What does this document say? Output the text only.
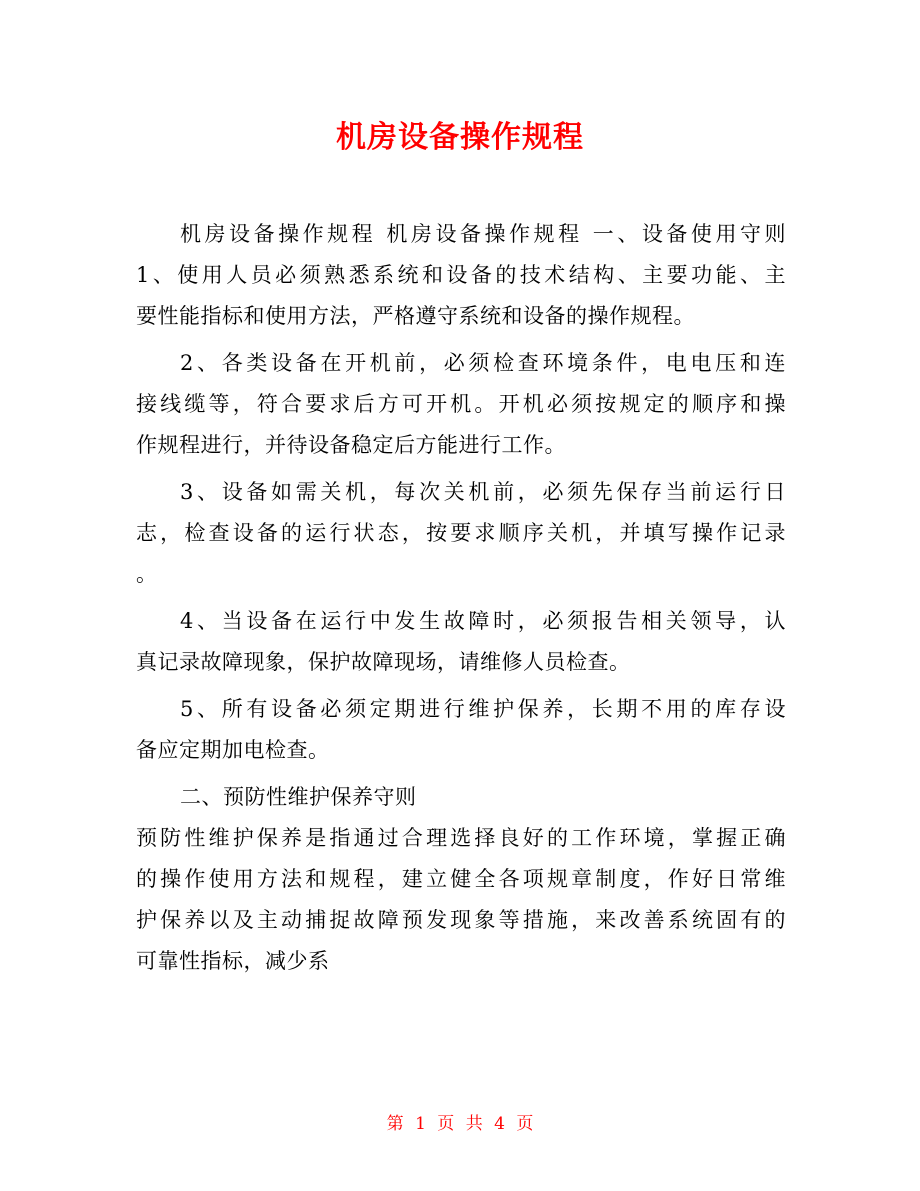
机房设备操作规程
机房设备操作规程 机房设备操作规程 一、设备使用守则
1、使用人员必须熟悉系统和设备的技术结构、主要功能、主
要性能指标和使用方法，严格遵守系统和设备的操作规程。
2、各类设备在开机前，必须检查环境条件，电电压和连
接线缆等，符合要求后方可开机。开机必须按规定的顺序和操
作规程进行，并待设备稳定后方能进行工作。
3、设备如需关机，每次关机前，必须先保存当前运行日
志，检查设备的运行状态，按要求顺序关机，并填写操作记录
。
4、当设备在运行中发生故障时，必须报告相关领导，认
真记录故障现象，保护故障现场，请维修人员检查。
5、所有设备必须定期进行维护保养，长期不用的库存设
备应定期加电检查。
二、预防性维护保养守则
预防性维护保养是指通过合理选择良好的工作环境，掌握正确
的操作使用方法和规程，建立健全各项规章制度，作好日常维
护保养以及主动捕捉故障预发现象等措施，来改善系统固有的
可靠性指标，减少系
第 1 页 共 4 页
